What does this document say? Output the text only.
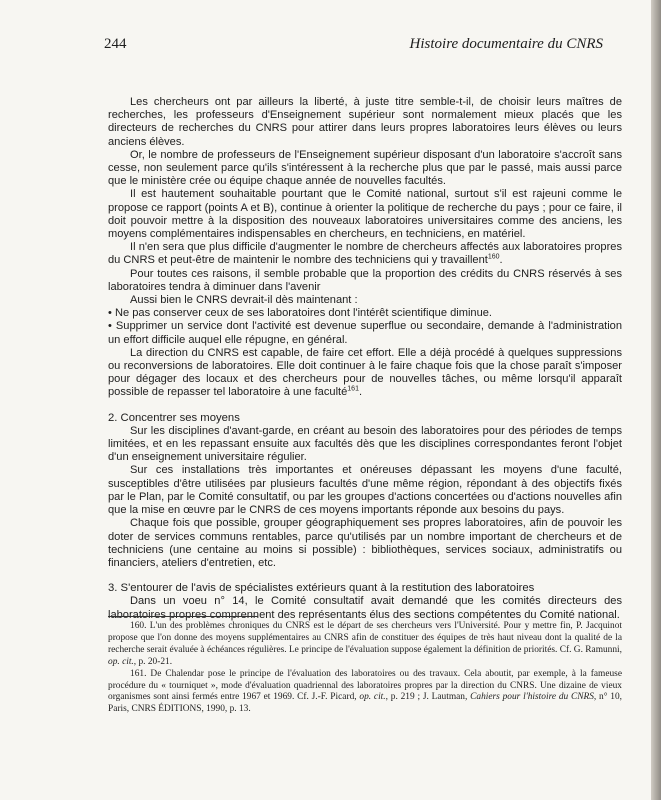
244	Histoire documentaire du CNRS

Les chercheurs ont par ailleurs la liberté, à juste titre semble-t-il, de choisir leurs maîtres de recherches, les professeurs d'Enseignement supérieur sont normalement mieux placés que les directeurs de recherches du CNRS pour attirer dans leurs propres laboratoires leurs élèves ou leurs anciens élèves.

Or, le nombre de professeurs de l'Enseignement supérieur disposant d'un laboratoire s'accroît sans cesse, non seulement parce qu'ils s'intéressent à la recherche plus que par le passé, mais aussi parce que le ministère crée ou équipe chaque année de nouvelles facultés.

Il est hautement souhaitable pourtant que le Comité national, surtout s'il est rajeuni comme le propose ce rapport (points A et B), continue à orienter la politique de recherche du pays ; pour ce faire, il doit pouvoir mettre à la disposition des nouveaux laboratoires universitaires comme des anciens, les moyens complémentaires indispensables en chercheurs, en techniciens, en matériel.

Il n'en sera que plus difficile d'augmenter le nombre de chercheurs affectés aux laboratoires propres du CNRS et peut-être de maintenir le nombre des techniciens qui y travaillent$^{160}$.

Pour toutes ces raisons, il semble probable que la proportion des crédits du CNRS réservés à ses laboratoires tendra à diminuer dans l'avenir

Aussi bien le CNRS devrait-il dès maintenant :

• Ne pas conserver ceux de ses laboratoires dont l'intérêt scientifique diminue.

• Supprimer un service dont l'activité est devenue superflue ou secondaire, demande à l'administration un effort difficile auquel elle répugne, en général.

La direction du CNRS est capable, de faire cet effort. Elle a déjà procédé à quelques suppressions ou reconversions de laboratoires. Elle doit continuer à le faire chaque fois que la chose paraît s'imposer pour dégager des locaux et des chercheurs pour de nouvelles tâches, ou même lorsqu'il apparaît possible de repasser tel laboratoire à une faculté$^{161}$.

2. Concentrer ses moyens

Sur les disciplines d'avant-garde, en créant au besoin des laboratoires pour des périodes de temps limitées, et en les repassant ensuite aux facultés dès que les disciplines correspondantes feront l'objet d'un enseignement universitaire régulier.

Sur ces installations très importantes et onéreuses dépassant les moyens d'une faculté, susceptibles d'être utilisées par plusieurs facultés d'une même région, répondant à des objectifs fixés par le Plan, par le Comité consultatif, ou par les groupes d'actions concertées ou d'actions nouvelles afin que la mise en œuvre par le CNRS de ces moyens importants réponde aux besoins du pays.

Chaque fois que possible, grouper géographiquement ses propres laboratoires, afin de pouvoir les doter de services communs rentables, parce qu'utilisés par un nombre important de chercheurs et de techniciens (une centaine au moins si possible) : bibliothèques, services sociaux, administratifs ou financiers, ateliers d'entretien, etc.

3. S'entourer de l'avis de spécialistes extérieurs quant à la restitution des laboratoires

Dans un voeu n° 14, le Comité consultatif avait demandé que les comités directeurs des laboratoires propres comprennent des représentants élus des sections compétentes du Comité national.

160. L'un des problèmes chroniques du CNRS est le départ de ses chercheurs vers l'Université. Pour y mettre fin, P. Jacquinot propose que l'on donne des moyens supplémentaires au CNRS afin de constituer des équipes de très haut niveau dont la qualité de la recherche serait évaluée à échéances régulières. Le principe de l'évaluation suppose également la définition de priorités. Cf. G. Ramunni, op. cit., p. 20-21.

161. De Chalendar pose le principe de l'évaluation des laboratoires ou des travaux. Cela aboutit, par exemple, à la fameuse procédure du « tourniquet », mode d'évaluation quadriennal des laboratoires propres par la direction du CNRS. Une dizaine de vieux organismes sont ainsi fermés entre 1967 et 1969. Cf. J.-F. Picard, op. cit., p. 219 ; J. Lautman, Cahiers pour l'histoire du CNRS, n° 10, Paris, CNRS ÉDITIONS, 1990, p. 13.
